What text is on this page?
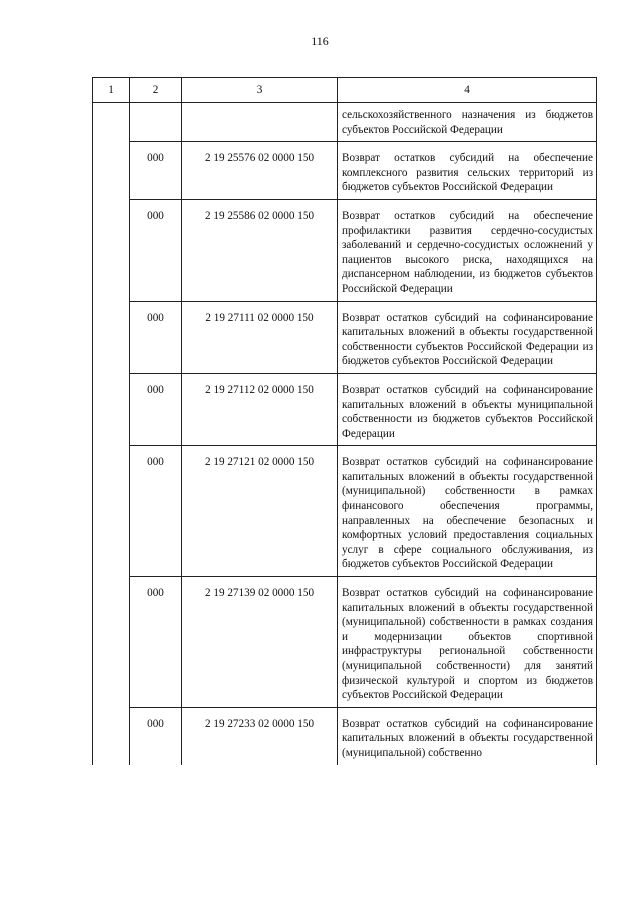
116
1	2	3	4
			сельскохозяйственного назначения из бюджетов субъектов Российской Федерации
	000	2 19 25576 02 0000 150	Возврат остатков субсидий на обеспечение комплексного развития сельских территорий из бюджетов субъектов Российской Федерации
	000	2 19 25586 02 0000 150	Возврат остатков субсидий на обеспечение профилактики развития сердечно-сосудистых заболеваний и сердечно-сосудистых осложнений у пациентов высокого риска, находящихся на диспансерном наблюдении, из бюджетов субъектов Российской Федерации
	000	2 19 27111 02 0000 150	Возврат остатков субсидий на софинансирование капитальных вложений в объекты государственной собственности субъектов Российской Федерации из бюджетов субъектов Российской Федерации
	000	2 19 27112 02 0000 150	Возврат остатков субсидий на софинансирование капитальных вложений в объекты муниципальной собственности из бюджетов субъектов Российской Федерации
	000	2 19 27121 02 0000 150	Возврат остатков субсидий на софинансирование капитальных вложений в объекты государственной (муниципальной) собственности в рамках финансового обеспечения программы, направленных на обеспечение безопасных и комфортных условий предоставления социальных услуг в сфере социального обслуживания, из бюджетов субъектов Российской Федерации
	000	2 19 27139 02 0000 150	Возврат остатков субсидий на софинансирование капитальных вложений в объекты государственной (муниципальной) собственности в рамках создания и модернизации объектов спортивной инфраструктуры региональной собственности (муниципальной собственности) для занятий физической культурой и спортом из бюджетов субъектов Российской Федерации
	000	2 19 27233 02 0000 150	Возврат остатков субсидий на софинансирование капитальных вложений в объекты государственной (муниципальной) собственно
